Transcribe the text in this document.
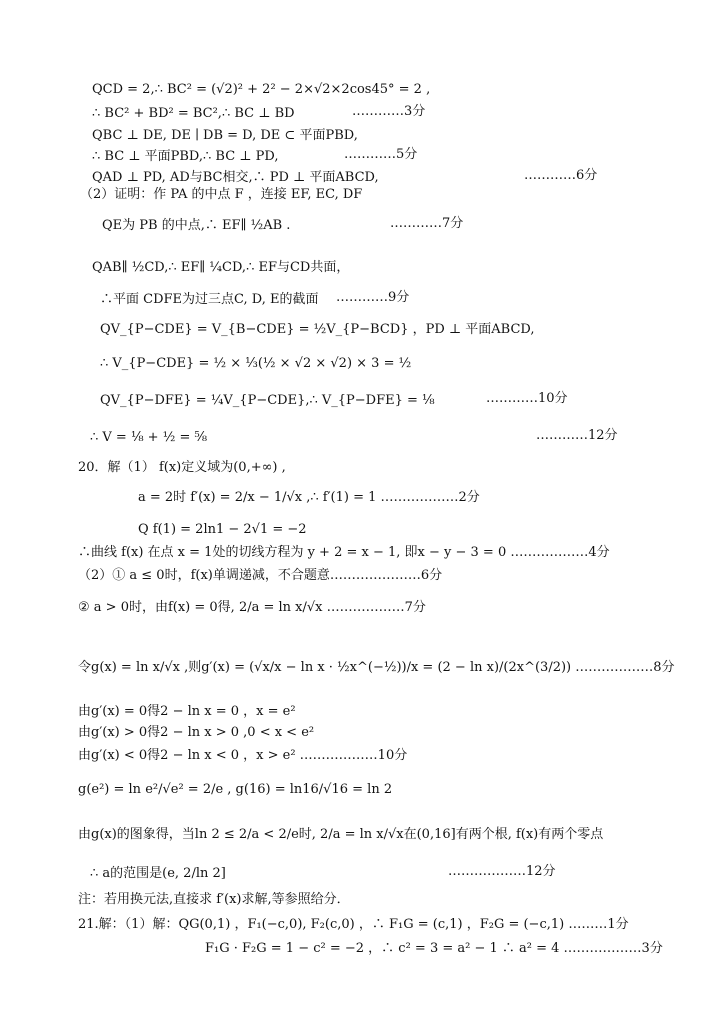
QCD = 2,∴ BC² = (√2)² + 2² − 2×√2×2cos45° = 2 ,
∴ BC² + BD² = BC²,∴ BC ⊥ BD	…………3分
QBC ⊥ DE, DE ∣ DB = D, DE ⊂ 平面PBD,
∴ BC ⊥ 平面PBD,∴ BC ⊥ PD,	…………5分
QAD ⊥ PD, AD与BC相交,∴ PD ⊥ 平面ABCD,	…………6分
（2）证明：作 PA 的中点 F ，连接 EF, EC, DF
QE为 PB 的中点,∴ EF∥ ½AB .	…………7分
QAB∥ ½CD,∴ EF∥ ¼CD,∴ EF与CD共面，
∴平面 CDFE为过三点C, D, E的截面 …………9分
QV_{P−CDE} = V_{B−CDE} = ½V_{P−BCD} ，PD ⊥ 平面ABCD,
∴ V_{P−CDE} = ½ × ⅓(½ × √2 × √2) × 3 = ½
QV_{P−DFE} = ¼V_{P−CDE},∴ V_{P−DFE} = ⅛	…………10分
∴ V = ⅛ + ½ = ⅝	…………12分
20．解（1） f(x)定义域为(0,+∞) ,
a = 2时 f′(x) = 2/x − 1/√x ,∴ f′(1) = 1 ………………2分
Q f(1) = 2ln1 − 2√1 = −2
∴曲线 f(x) 在点 x = 1处的切线方程为 y + 2 = x − 1, 即x − y − 3 = 0 ………………4分
（2）① a ≤ 0时，f(x)单调递减，不合题意…………………6分
② a > 0时，由f(x) = 0得, 2/a = ln x/√x ………………7分
令g(x) = ln x/√x ,则g′(x) = (√x/x − ln x · ½x^(−½))/x = (2 − ln x)/(2x^(3/2)) ………………8分
由g′(x) = 0得2 − ln x = 0 ，x = e²
由g′(x) > 0得2 − ln x > 0 ,0 < x < e²
由g′(x) < 0得2 − ln x < 0 ，x > e² ………………10分
g(e²) = ln e²/√e² = 2/e , g(16) = ln16/√16 = ln 2
由g(x)的图象得，当ln 2 ≤ 2/a < 2/e时, 2/a = ln x/√x在(0,16]有两个根, f(x)有两个零点
∴ a的范围是(e, 2/ln 2]	………………12分
注：若用换元法,直接求 f′(x)求解,等参照给分．
21.解：（1）解：QG(0,1) ，F₁(−c,0), F₂(c,0) ，∴ F₁G = (c,1) ，F₂G = (−c,1) ………1分
F₁G · F₂G = 1 − c² = −2 ，∴ c² = 3 = a² − 1 ∴ a² = 4 ………………3分
